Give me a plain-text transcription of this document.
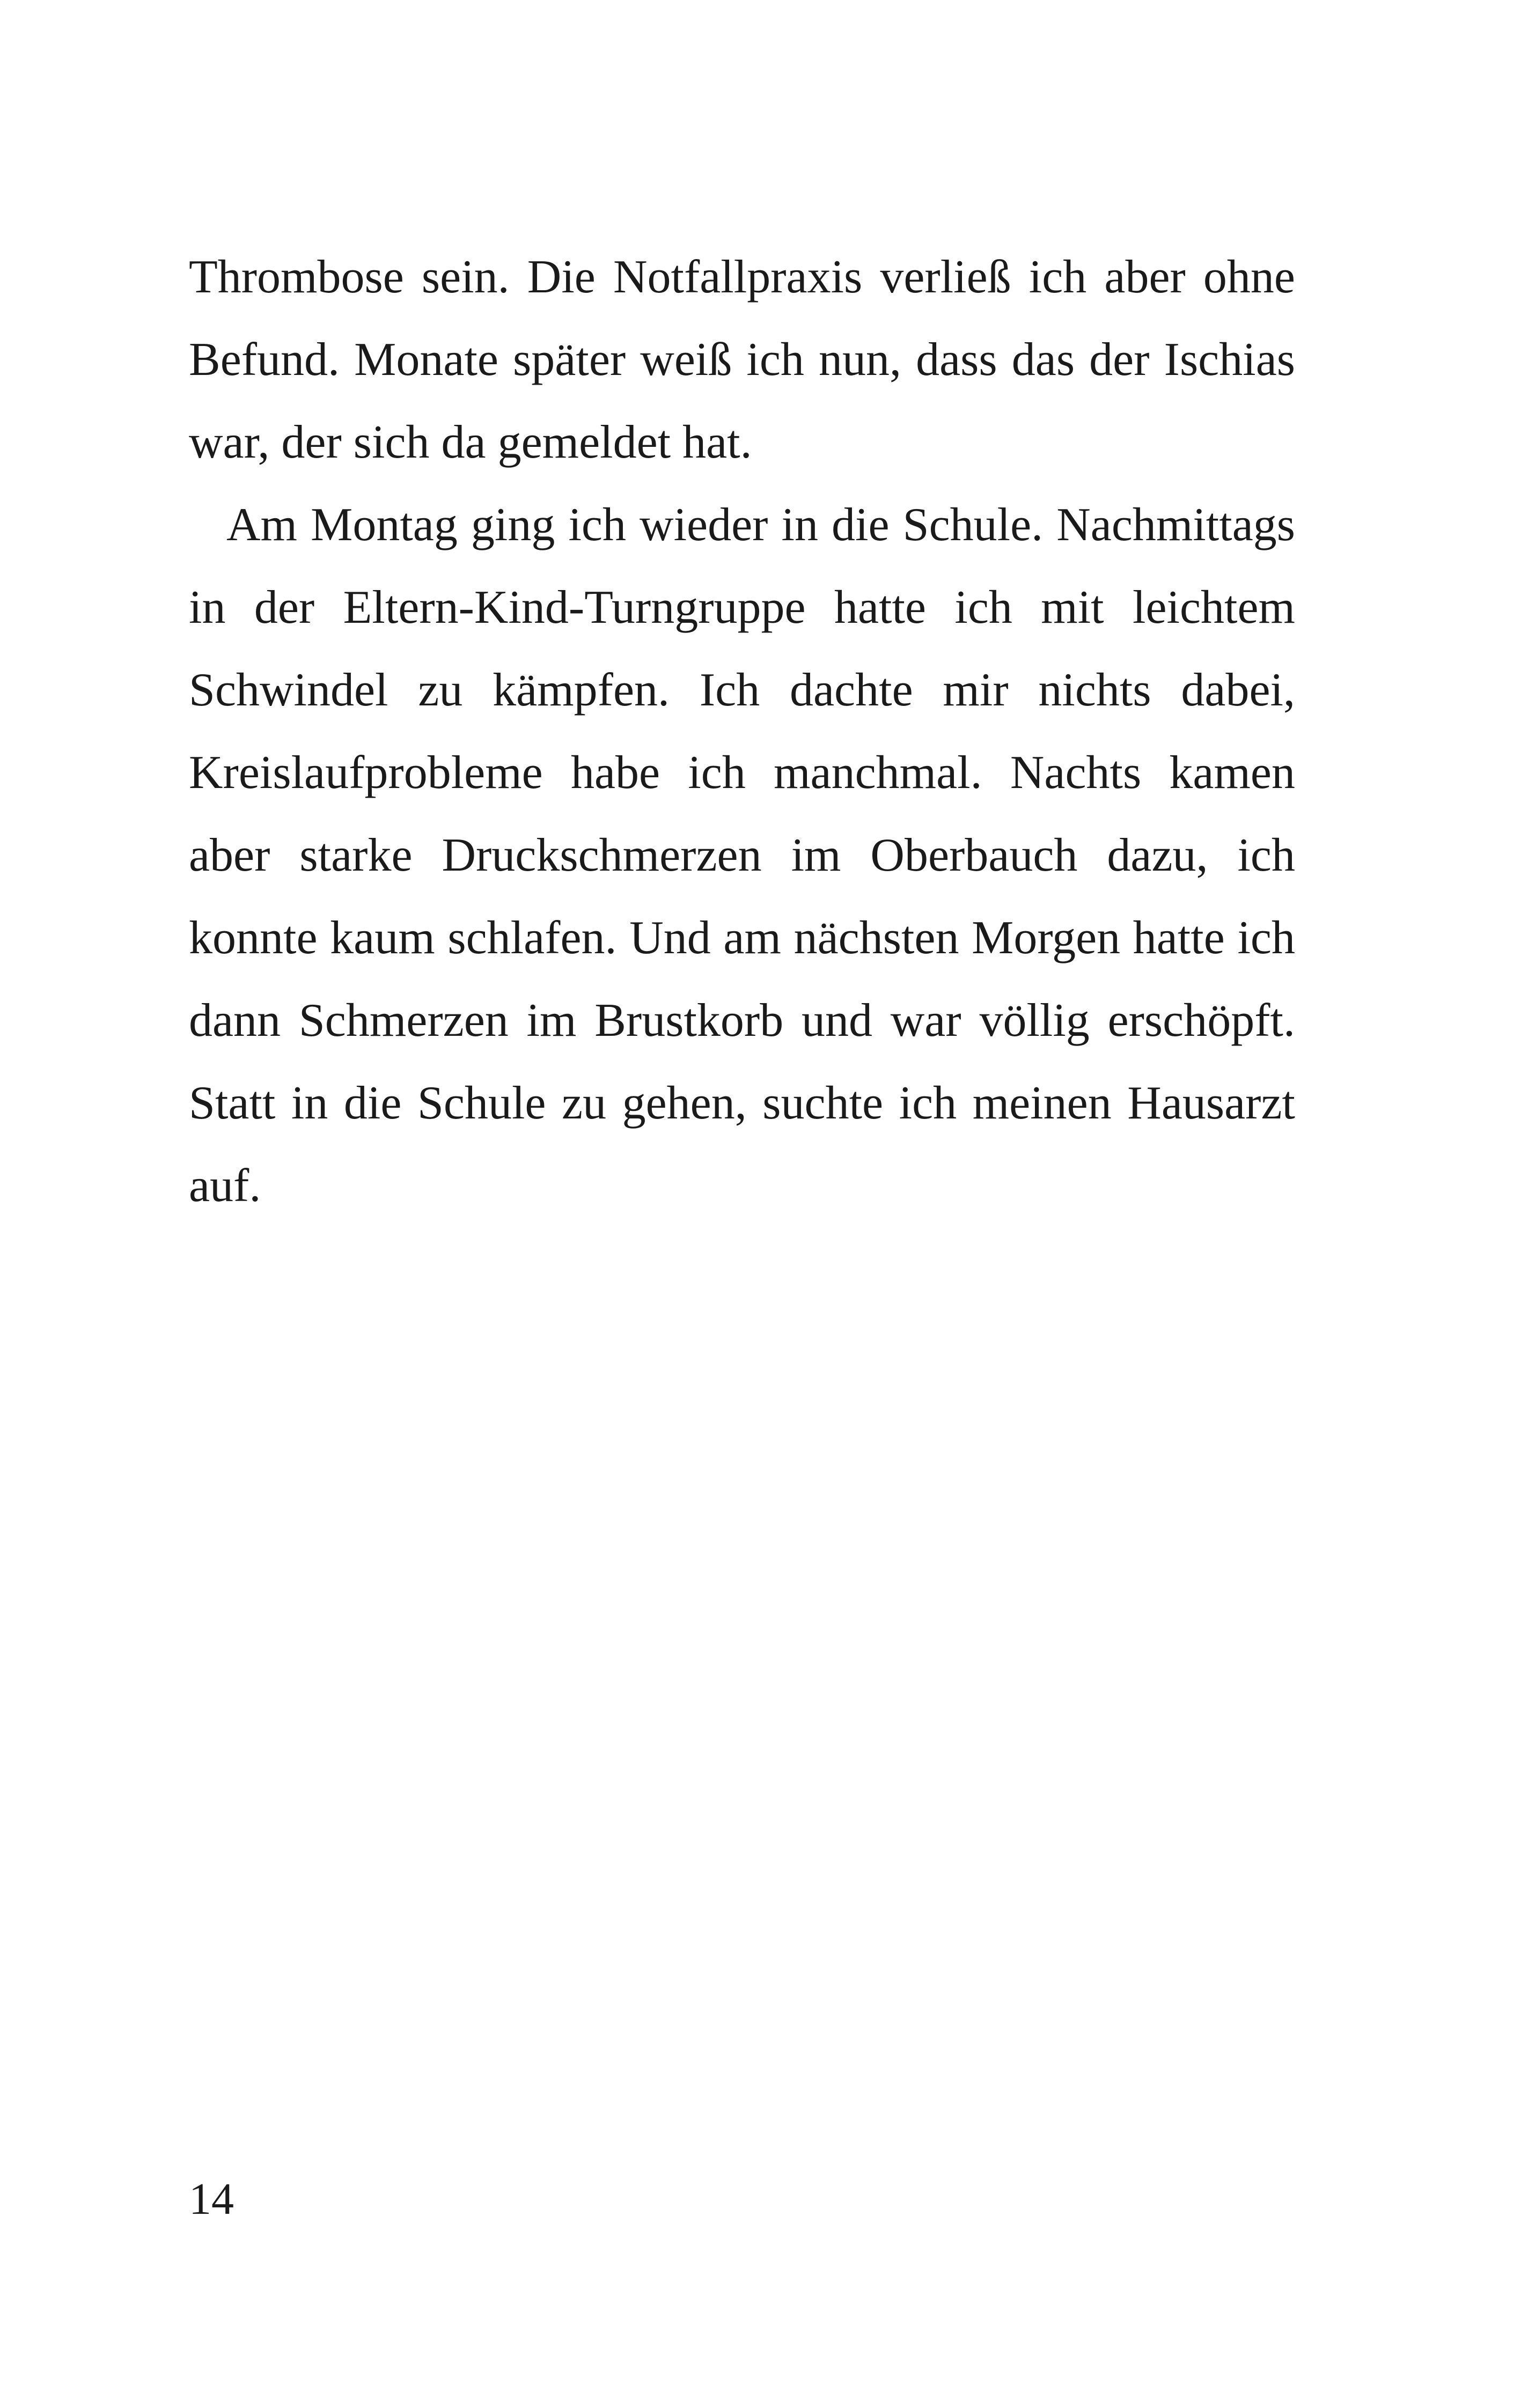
Thrombose sein. Die Notfallpraxis verließ ich aber ohne Befund. Monate später weiß ich nun, dass das der Ischias war, der sich da gemeldet hat.

Am Montag ging ich wieder in die Schule. Nachmittags in der Eltern-Kind-Turngruppe hatte ich mit leichtem Schwindel zu kämpfen. Ich dachte mir nichts dabei, Kreislaufprobleme habe ich manchmal. Nachts kamen aber starke Druckschmerzen im Oberbauch dazu, ich konnte kaum schlafen. Und am nächsten Morgen hatte ich dann Schmerzen im Brustkorb und war völlig erschöpft. Statt in die Schule zu gehen, suchte ich meinen Hausarzt auf.

14
